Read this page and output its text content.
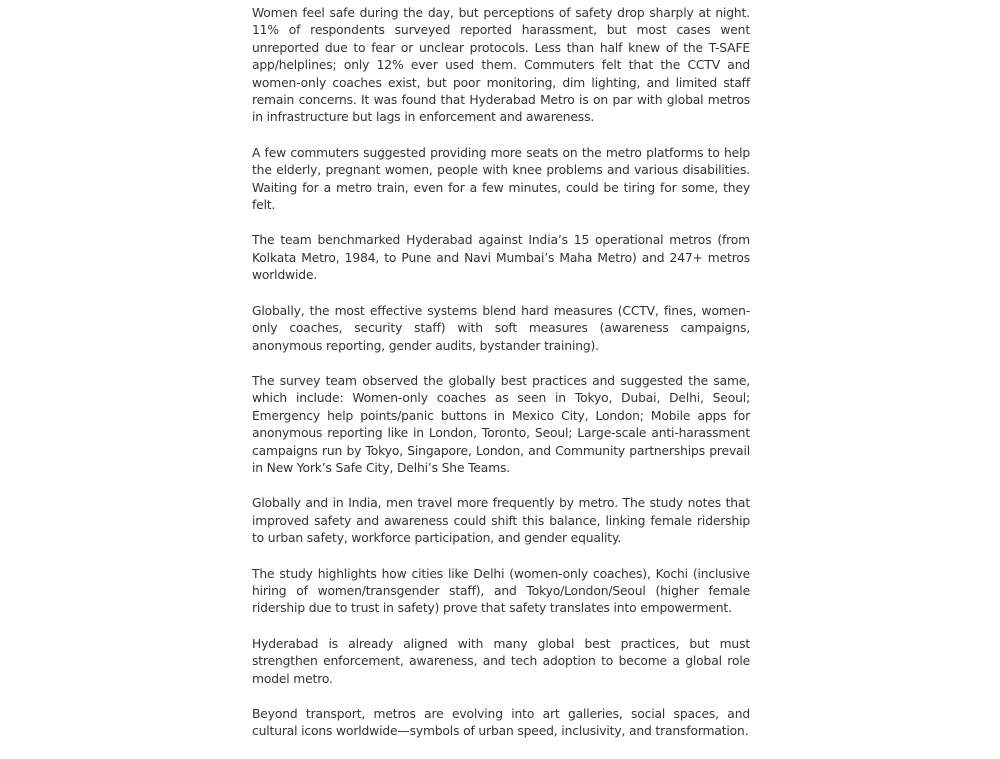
Women feel safe during the day, but perceptions of safety drop sharply at night. 11% of respondents surveyed reported harassment, but most cases went unreported due to fear or unclear protocols. Less than half knew of the T-SAFE app/helplines; only 12% ever used them. Commuters felt that the CCTV and women-only coaches exist, but poor monitoring, dim lighting, and limited staff remain concerns. It was found that Hyderabad Metro is on par with global metros in infrastructure but lags in enforcement and awareness.

A few commuters suggested providing more seats on the metro platforms to help the elderly, pregnant women, people with knee problems and various disabilities. Waiting for a metro train, even for a few minutes, could be tiring for some, they felt.

The team benchmarked Hyderabad against India’s 15 operational metros (from Kolkata Metro, 1984, to Pune and Navi Mumbai’s Maha Metro) and 247+ metros worldwide.

Globally, the most effective systems blend hard measures (CCTV, fines, women-only coaches, security staff) with soft measures (awareness campaigns, anonymous reporting, gender audits, bystander training).

The survey team observed the globally best practices and suggested the same, which include: Women-only coaches as seen in Tokyo, Dubai, Delhi, Seoul; Emergency help points/panic buttons in Mexico City, London; Mobile apps for anonymous reporting like in London, Toronto, Seoul; Large-scale anti-harassment campaigns run by Tokyo, Singapore, London, and Community partnerships prevail in New York’s Safe City, Delhi’s She Teams.

Globally and in India, men travel more frequently by metro. The study notes that improved safety and awareness could shift this balance, linking female ridership to urban safety, workforce participation, and gender equality.

The study highlights how cities like Delhi (women-only coaches), Kochi (inclusive hiring of women/transgender staff), and Tokyo/London/Seoul (higher female ridership due to trust in safety) prove that safety translates into empowerment.

Hyderabad is already aligned with many global best practices, but must strengthen enforcement, awareness, and tech adoption to become a global role model metro.

Beyond transport, metros are evolving into art galleries, social spaces, and cultural icons worldwide—symbols of urban speed, inclusivity, and transformation.
